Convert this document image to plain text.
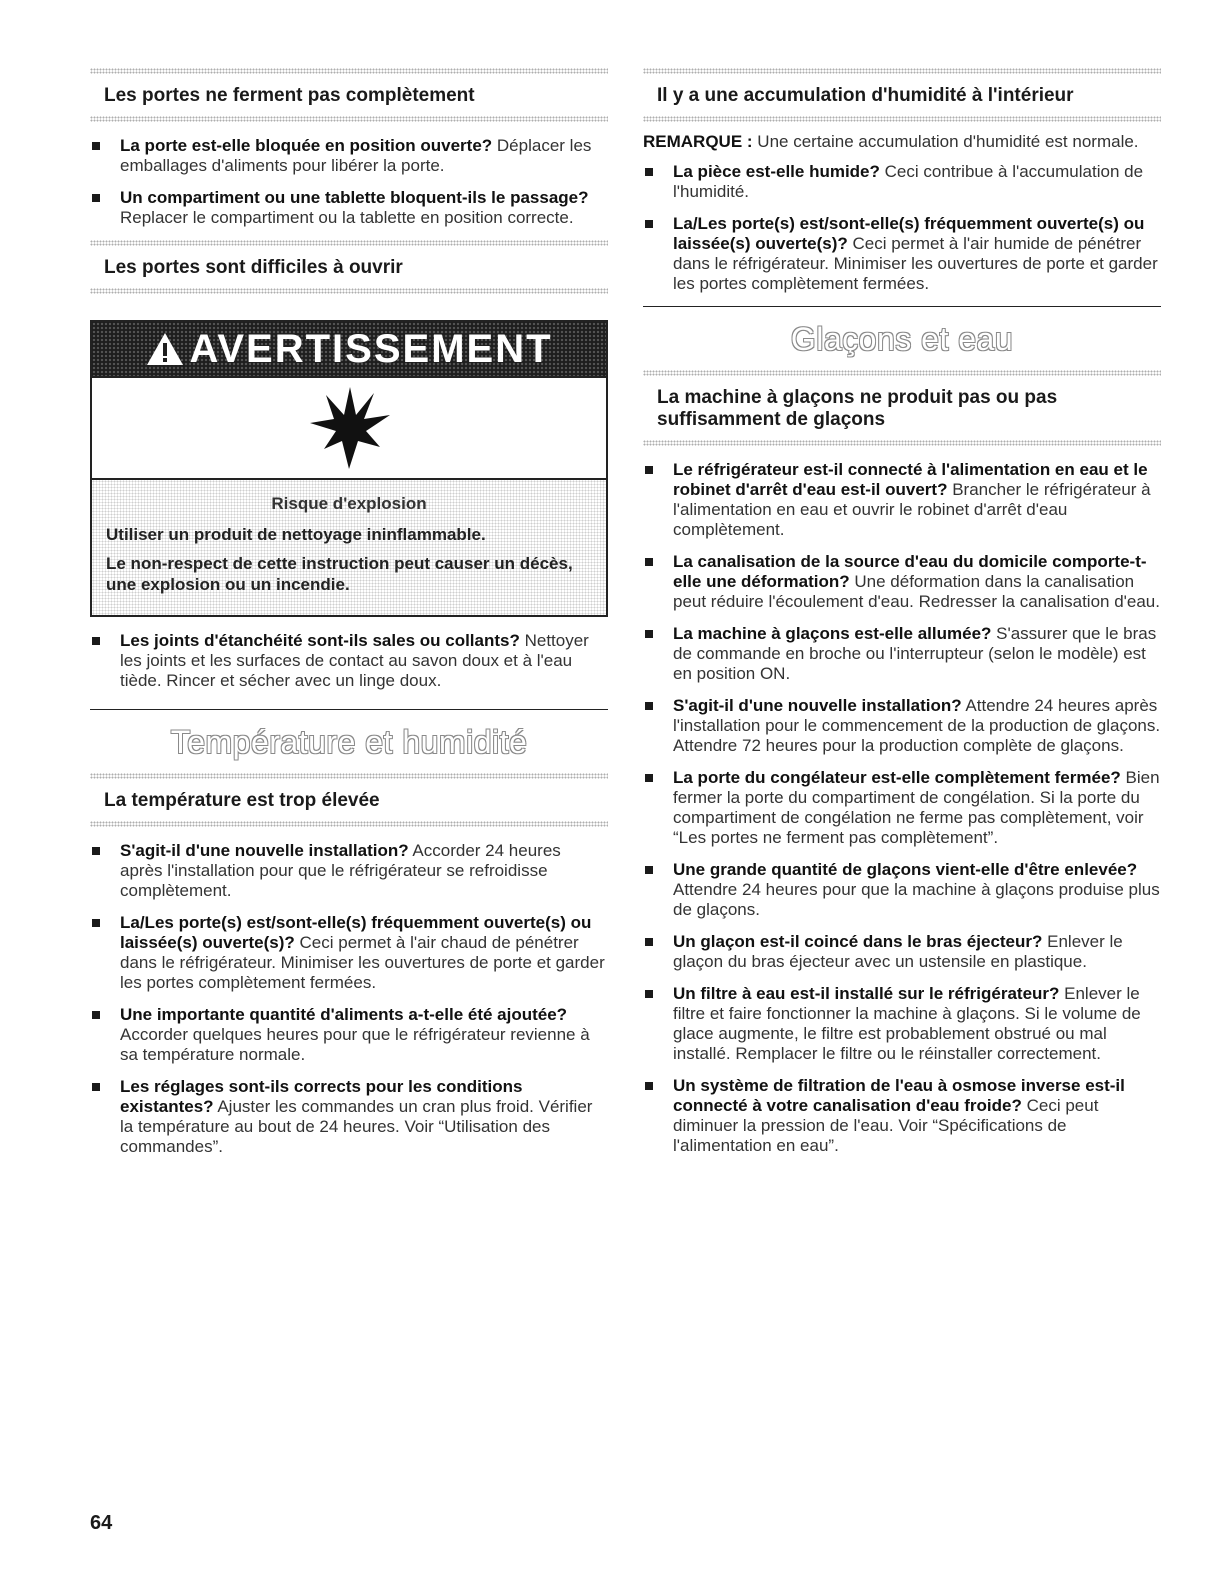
Les portes ne ferment pas complètement
La porte est-elle bloquée en position ouverte? Déplacer les emballages d'aliments pour libérer la porte.
Un compartiment ou une tablette bloquent-ils le passage? Replacer le compartiment ou la tablette en position correcte.
Les portes sont difficiles à ouvrir
AVERTISSEMENT
Risque d'explosion

Utiliser un produit de nettoyage ininflammable.

Le non-respect de cette instruction peut causer un décès, une explosion ou un incendie.

Les joints d'étanchéité sont-ils sales ou collants? Nettoyer les joints et les surfaces de contact au savon doux et à l'eau tiède. Rincer et sécher avec un linge doux.
Température et humidité
La température est trop élevée
S'agit-il d'une nouvelle installation? Accorder 24 heures après l'installation pour que le réfrigérateur se refroidisse complètement.
La/Les porte(s) est/sont-elle(s) fréquemment ouverte(s) ou laissée(s) ouverte(s)? Ceci permet à l'air chaud de pénétrer dans le réfrigérateur. Minimiser les ouvertures de porte et garder les portes complètement fermées.
Une importante quantité d'aliments a-t-elle été ajoutée? Accorder quelques heures pour que le réfrigérateur revienne à sa température normale.
Les réglages sont-ils corrects pour les conditions existantes? Ajuster les commandes un cran plus froid. Vérifier la température au bout de 24 heures. Voir “Utilisation des commandes”.
Il y a une accumulation d'humidité à l'intérieur
REMARQUE : Une certaine accumulation d'humidité est normale.
La pièce est-elle humide? Ceci contribue à l'accumulation de l'humidité.
La/Les porte(s) est/sont-elle(s) fréquemment ouverte(s) ou laissée(s) ouverte(s)? Ceci permet à l'air humide de pénétrer dans le réfrigérateur. Minimiser les ouvertures de porte et garder les portes complètement fermées.
Glaçons et eau
La machine à glaçons ne produit pas ou pas suffisamment de glaçons
Le réfrigérateur est-il connecté à l'alimentation en eau et le robinet d'arrêt d'eau est-il ouvert? Brancher le réfrigérateur à l'alimentation en eau et ouvrir le robinet d'arrêt d'eau complètement.
La canalisation de la source d'eau du domicile comporte-t-elle une déformation? Une déformation dans la canalisation peut réduire l'écoulement d'eau. Redresser la canalisation d'eau.
La machine à glaçons est-elle allumée? S'assurer que le bras de commande en broche ou l'interrupteur (selon le modèle) est en position ON.
S'agit-il d'une nouvelle installation? Attendre 24 heures après l'installation pour le commencement de la production de glaçons. Attendre 72 heures pour la production complète de glaçons.
La porte du congélateur est-elle complètement fermée? Bien fermer la porte du compartiment de congélation. Si la porte du compartiment de congélation ne ferme pas complètement, voir “Les portes ne ferment pas complètement”.
Une grande quantité de glaçons vient-elle d'être enlevée? Attendre 24 heures pour que la machine à glaçons produise plus de glaçons.
Un glaçon est-il coincé dans le bras éjecteur? Enlever le glaçon du bras éjecteur avec un ustensile en plastique.
Un filtre à eau est-il installé sur le réfrigérateur? Enlever le filtre et faire fonctionner la machine à glaçons. Si le volume de glace augmente, le filtre est probablement obstrué ou mal installé. Remplacer le filtre ou le réinstaller correctement.
Un système de filtration de l'eau à osmose inverse est-il connecté à votre canalisation d'eau froide? Ceci peut diminuer la pression de l'eau. Voir “Spécifications de l'alimentation en eau”.
64
